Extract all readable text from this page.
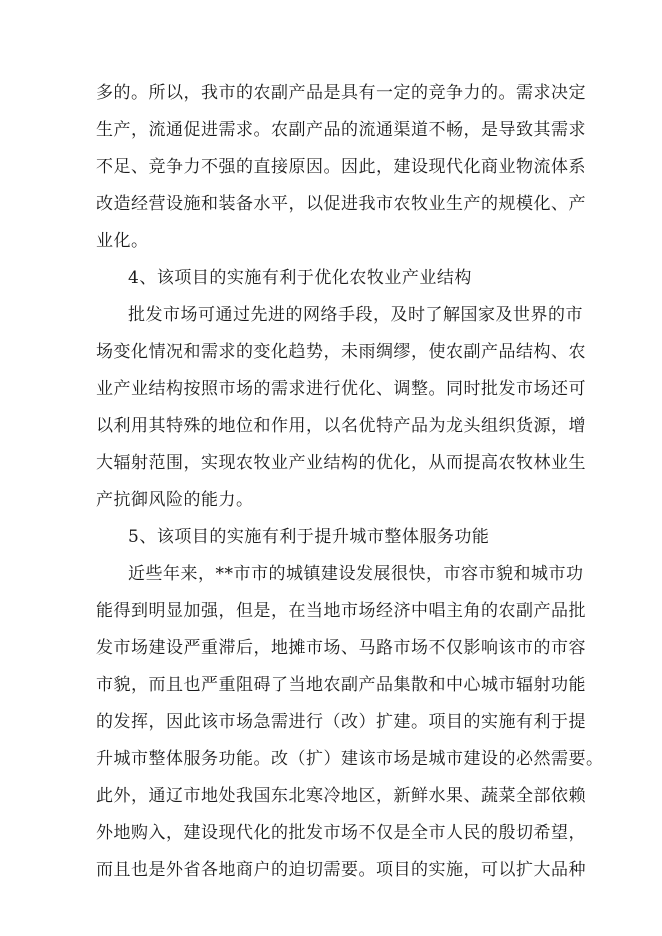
多的。所以，我市的农副产品是具有一定的竞争力的。需求决定
生产，流通促进需求。农副产品的流通渠道不畅，是导致其需求
不足、竞争力不强的直接原因。因此，建设现代化商业物流体系
改造经营设施和装备水平，以促进我市农牧业生产的规模化、产
业化。
4、该项目的实施有利于优化农牧业产业结构
批发市场可通过先进的网络手段，及时了解国家及世界的市
场变化情况和需求的变化趋势，未雨绸缪，使农副产品结构、农
业产业结构按照市场的需求进行优化、调整。同时批发市场还可
以利用其特殊的地位和作用，以名优特产品为龙头组织货源，增
大辐射范围，实现农牧业产业结构的优化，从而提高农牧林业生
产抗御风险的能力。
5、该项目的实施有利于提升城市整体服务功能
近些年来，**市市的城镇建设发展很快，市容市貌和城市功
能得到明显加强，但是，在当地市场经济中唱主角的农副产品批
发市场建设严重滞后，地摊市场、马路市场不仅影响该市的市容
市貌，而且也严重阻碍了当地农副产品集散和中心城市辐射功能
的发挥，因此该市场急需进行（改）扩建。项目的实施有利于提
升城市整体服务功能。改（扩）建该市场是城市建设的必然需要。
此外，通辽市地处我国东北寒冷地区，新鲜水果、蔬菜全部依赖
外地购入，建设现代化的批发市场不仅是全市人民的殷切希望，
而且也是外省各地商户的迫切需要。项目的实施，可以扩大品种
